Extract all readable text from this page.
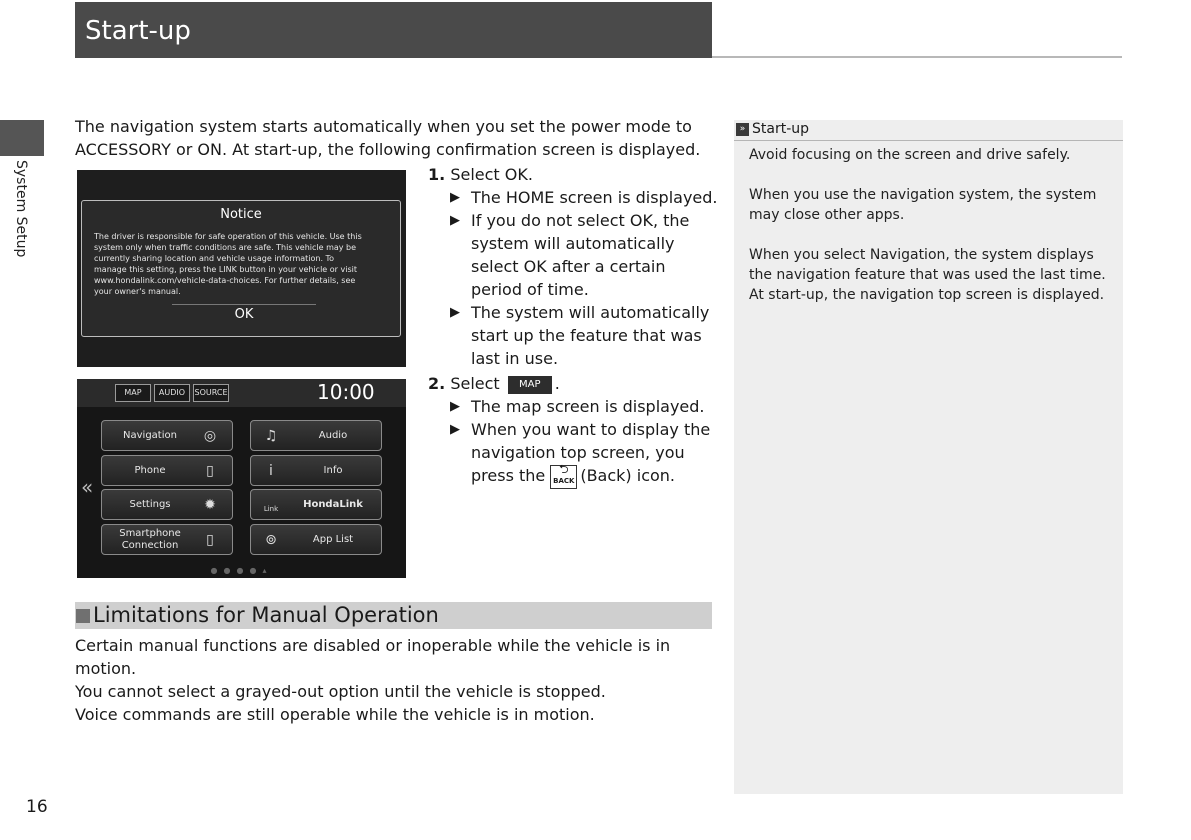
Start-up
System Setup

The navigation system starts automatically when you set the power mode to ACCESSORY or ON. At start-up, the following confirmation screen is displayed.

Notice
The driver is responsible for safe operation of this vehicle. Use this
system only when traffic conditions are safe. This vehicle may be
currently sharing location and vehicle usage information. To
manage this setting, press the LINK button in your vehicle or visit
www.hondalink.com/vehicle-data-choices. For further details, see
your owner's manual.
OK
MAP	AUDIO	SOURCE	10:00
«
Navigation	◎
Phone	▯
Settings	✹
Smartphone Connection	▯
♫	Audio
i	Info
Link	HondaLink
⊚	App List
●●●●▴
1. Select OK.
▶ The HOME screen is displayed.
▶ If you do not select OK, the system will automatically select OK after a certain period of time.
▶ The system will automatically start up the feature that was last in use.
2. Select MAP .
▶ The map screen is displayed.
▶ When you want to display the navigation top screen, you press the ⮌
BACK (Back) icon.
Limitations for Manual Operation
Certain manual functions are disabled or inoperable while the vehicle is in motion.
You cannot select a grayed-out option until the vehicle is stopped.
Voice commands are still operable while the vehicle is in motion.
» Start-up

Avoid focusing on the screen and drive safely.

When you use the navigation system, the system may close other apps.

When you select Navigation, the system displays the navigation feature that was used the last time. At start-up, the navigation top screen is displayed.

16
